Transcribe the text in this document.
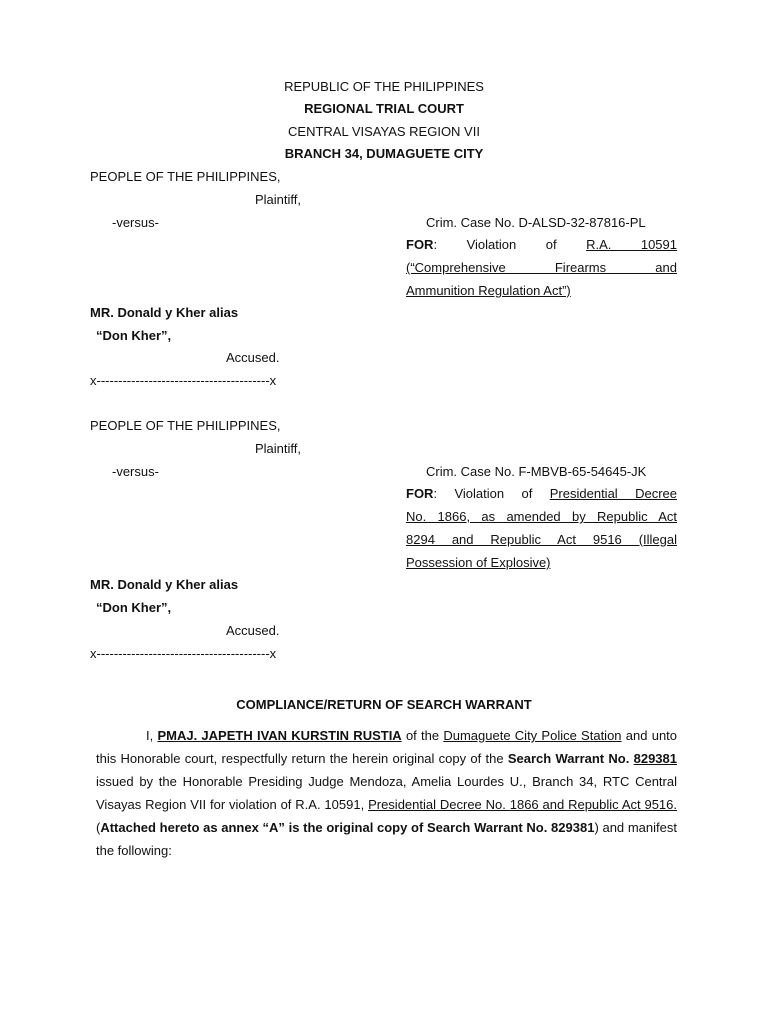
REPUBLIC OF THE PHILIPPINES
REGIONAL TRIAL COURT
CENTRAL VISAYAS REGION VII
BRANCH 34, DUMAGUETE CITY
PEOPLE OF THE PHILIPPINES,
Plaintiff,
-versus-	Crim. Case No. D-ALSD-32-87816-PL
FOR: Violation of R.A. 10591
(“Comprehensive Firearms and
Ammunition Regulation Act”)
MR. Donald y Kher alias
“Don Kher”,
Accused.
x----------------------------------------x
PEOPLE OF THE PHILIPPINES,
Plaintiff,
-versus-	Crim. Case No. F-MBVB-65-54645-JK
FOR: Violation of Presidential Decree
No. 1866, as amended by Republic Act
8294 and Republic Act 9516 (Illegal
Possession of Explosive)
MR. Donald y Kher alias
“Don Kher”,
Accused.
x----------------------------------------x
COMPLIANCE/RETURN OF SEARCH WARRANT
I, PMAJ. JAPETH IVAN KURSTIN RUSTIA of the Dumaguete City Police Station and unto this Honorable court, respectfully return the herein original copy of the Search Warrant No. 829381 issued by the Honorable Presiding Judge Mendoza, Amelia Lourdes U., Branch 34, RTC Central Visayas Region VII for violation of R.A. 10591, Presidential Decree No. 1866 and Republic Act 9516. (Attached hereto as annex “A” is the original copy of Search Warrant No. 829381) and manifest the following:
